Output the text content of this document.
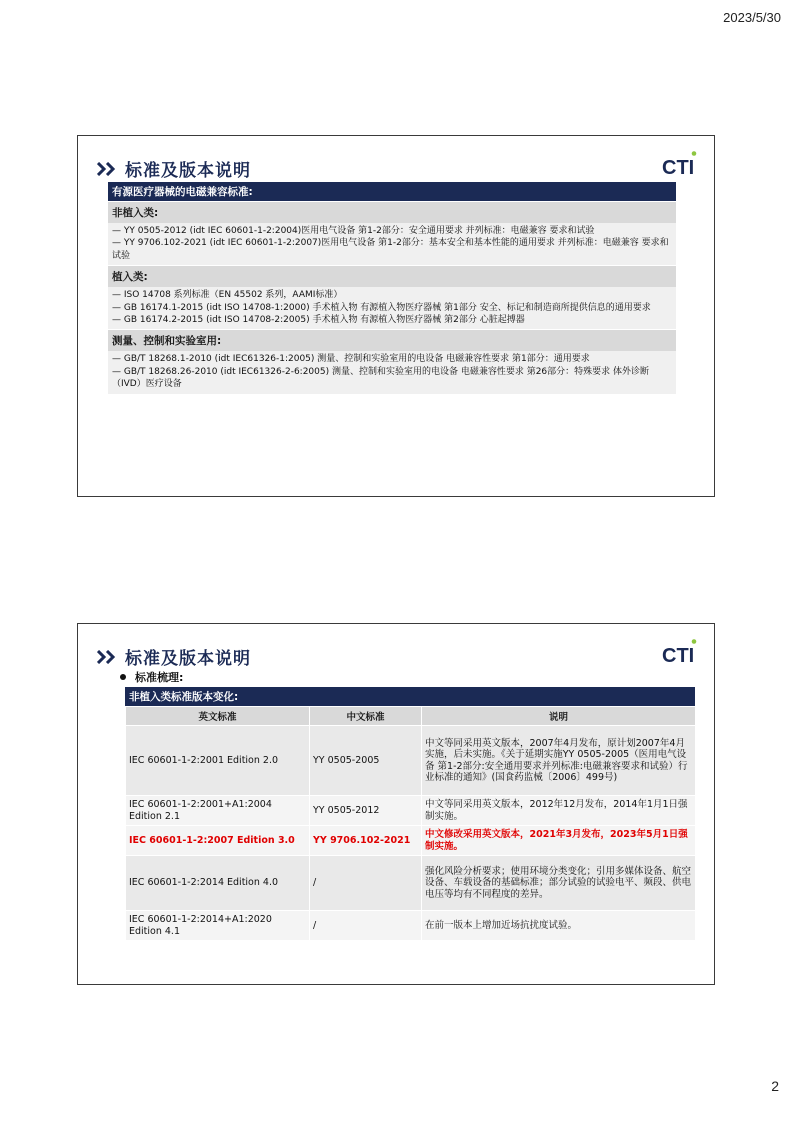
2023/5/30
标准及版本说明	CTI
有源医疗器械的电磁兼容标准:
非植入类:
— YY 0505-2012 (idt IEC 60601-1-2:2004)医用电气设备 第1-2部分：安全通用要求 并列标准：电磁兼容 要求和试验
— YY 9706.102-2021 (idt IEC 60601-1-2:2007)医用电气设备 第1-2部分：基本安全和基本性能的通用要求 并列标准：电磁兼容 要求和试验
植入类:
— ISO 14708 系列标准（EN 45502 系列，AAMI标准）
— GB 16174.1-2015 (idt ISO 14708-1:2000) 手术植入物 有源植入物医疗器械 第1部分 安全、标记和制造商所提供信息的通用要求
— GB 16174.2-2015 (idt ISO 14708-2:2005) 手术植入物 有源植入物医疗器械 第2部分 心脏起搏器
测量、控制和实验室用:
— GB/T 18268.1-2010 (idt IEC61326-1:2005) 测量、控制和实验室用的电设备 电磁兼容性要求 第1部分：通用要求
— GB/T 18268.26-2010 (idt IEC61326-2-6:2005) 测量、控制和实验室用的电设备 电磁兼容性要求 第26部分：特殊要求 体外诊断（IVD）医疗设备
标准及版本说明	CTI
标准梳理:
非植入类标准版本变化:
英文标准	中文标准	说明
IEC 60601-1-2:2001 Edition 2.0	YY 0505-2005	中文等同采用英文版本，2007年4月发布，原计划2007年4月实施，后未实施。《关于延期实施YY 0505-2005（医用电气设备 第1-2部分:安全通用要求并列标准:电磁兼容要求和试验）行业标准的通知》(国食药监械〔2006〕499号)
IEC 60601-1-2:2001+A1:2004 Edition 2.1	YY 0505-2012	中文等同采用英文版本，2012年12月发布，2014年1月1日强制实施。
IEC 60601-1-2:2007 Edition 3.0	YY 9706.102-2021	中文修改采用英文版本，2021年3月发布，2023年5月1日强制实施。
IEC 60601-1-2:2014 Edition 4.0	/	强化风险分析要求；使用环境分类变化；引用多媒体设备、航空设备、车载设备的基础标准；部分试验的试验电平、频段、供电电压等均有不同程度的差异。
IEC 60601-1-2:2014+A1:2020 Edition 4.1	/	在前一版本上增加近场抗扰度试验。
2
